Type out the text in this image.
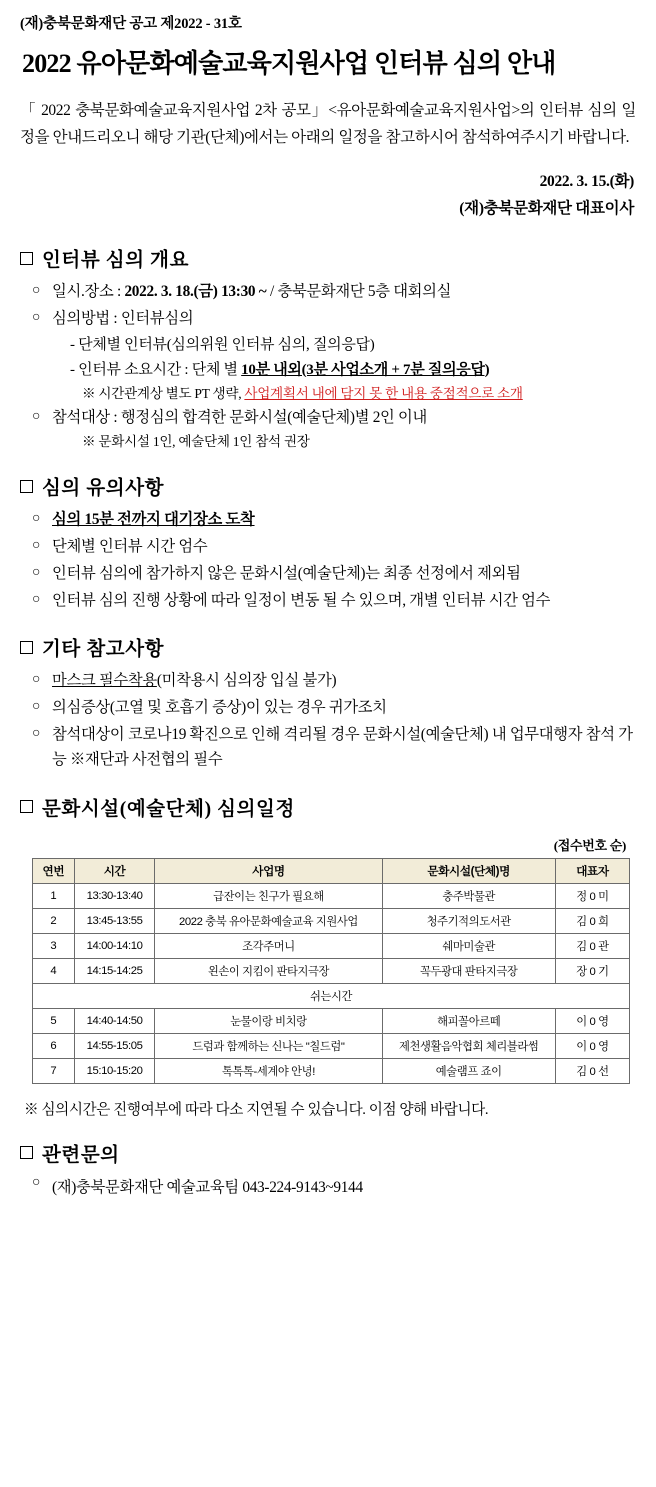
(재)충북문화재단 공고 제2022 - 31호
2022 유아문화예술교육지원사업 인터뷰 심의 안내

「 2022 충북문화예술교육지원사업 2차 공모」<유아문화예술교육지원사업>의 인터뷰 심의 일정을 안내드리오니 해당 기관(단체)에서는 아래의 일정을 참고하시어 참석하여주시기 바랍니다.

2022. 3. 15.(화)
(재)충북문화재단 대표이사
인터뷰 심의 개요
○ 일시.장소 : 2022. 3. 18.(금) 13:30 ~ / 충북문화재단 5층 대회의실
○ 심의방법 : 인터뷰심의
- 단체별 인터뷰(심의위원 인터뷰 심의, 질의응답)
- 인터뷰 소요시간 : 단체 별 10분 내외(3분 사업소개 + 7분 질의응답)
※ 시간관계상 별도 PT 생략, 사업계획서 내에 담지 못 한 내용 중점적으로 소개
○ 참석대상 : 행정심의 합격한 문화시설(예술단체)별 2인 이내
※ 문화시설 1인, 예술단체 1인 참석 권장
심의 유의사항
○ 심의 15분 전까지 대기장소 도착
○ 단체별 인터뷰 시간 엄수
○ 인터뷰 심의에 참가하지 않은 문화시설(예술단체)는 최종 선정에서 제외됨
○ 인터뷰 심의 진행 상황에 따라 일정이 변동 될 수 있으며, 개별 인터뷰 시간 엄수
기타 참고사항
○ 마스크 필수착용(미착용시 심의장 입실 불가)
○ 의심증상(고열 및 호흡기 증상)이 있는 경우 귀가조치
○ 참석대상이 코로나19 확진으로 인해 격리될 경우 문화시설(예술단체) 내 업무대행자 참석 가능 ※재단과 사전협의 필수
문화시설(예술단체) 심의일정
(접수번호 순)
연번	시간	사업명	문화시설(단체)명	대표자
1	13:30-13:40	급잔이는 친구가 필요해	충주박물관	정 0 미
2	13:45-13:55	2022 충북 유아문화예술교육 지원사업	청주기적의도서관	김 0 희
3	14:00-14:10	조각주머니	쉐마미술관	김 0 관
4	14:15-14:25	왼손이 지킴이 판타지극장	꼭두광대 판타지극장	장 0 기
쉬는시간				
5	14:40-14:50	눈물이랑 비치랑	해피꼴아르떼	이 0 영
6	14:55-15:05	드럼과 함께하는 신나는 "칠드럼"	제천생활음악협회 체리블라썸	이 0 영
7	15:10-15:20	톡톡톡-세계야 안녕!	예술램프 죠이	김 0 선
※ 심의시간은 진행여부에 따라 다소 지연될 수 있습니다. 이점 양해 바랍니다.
관련문의
○ (재)충북문화재단 예술교육팀 043-224-9143~9144
